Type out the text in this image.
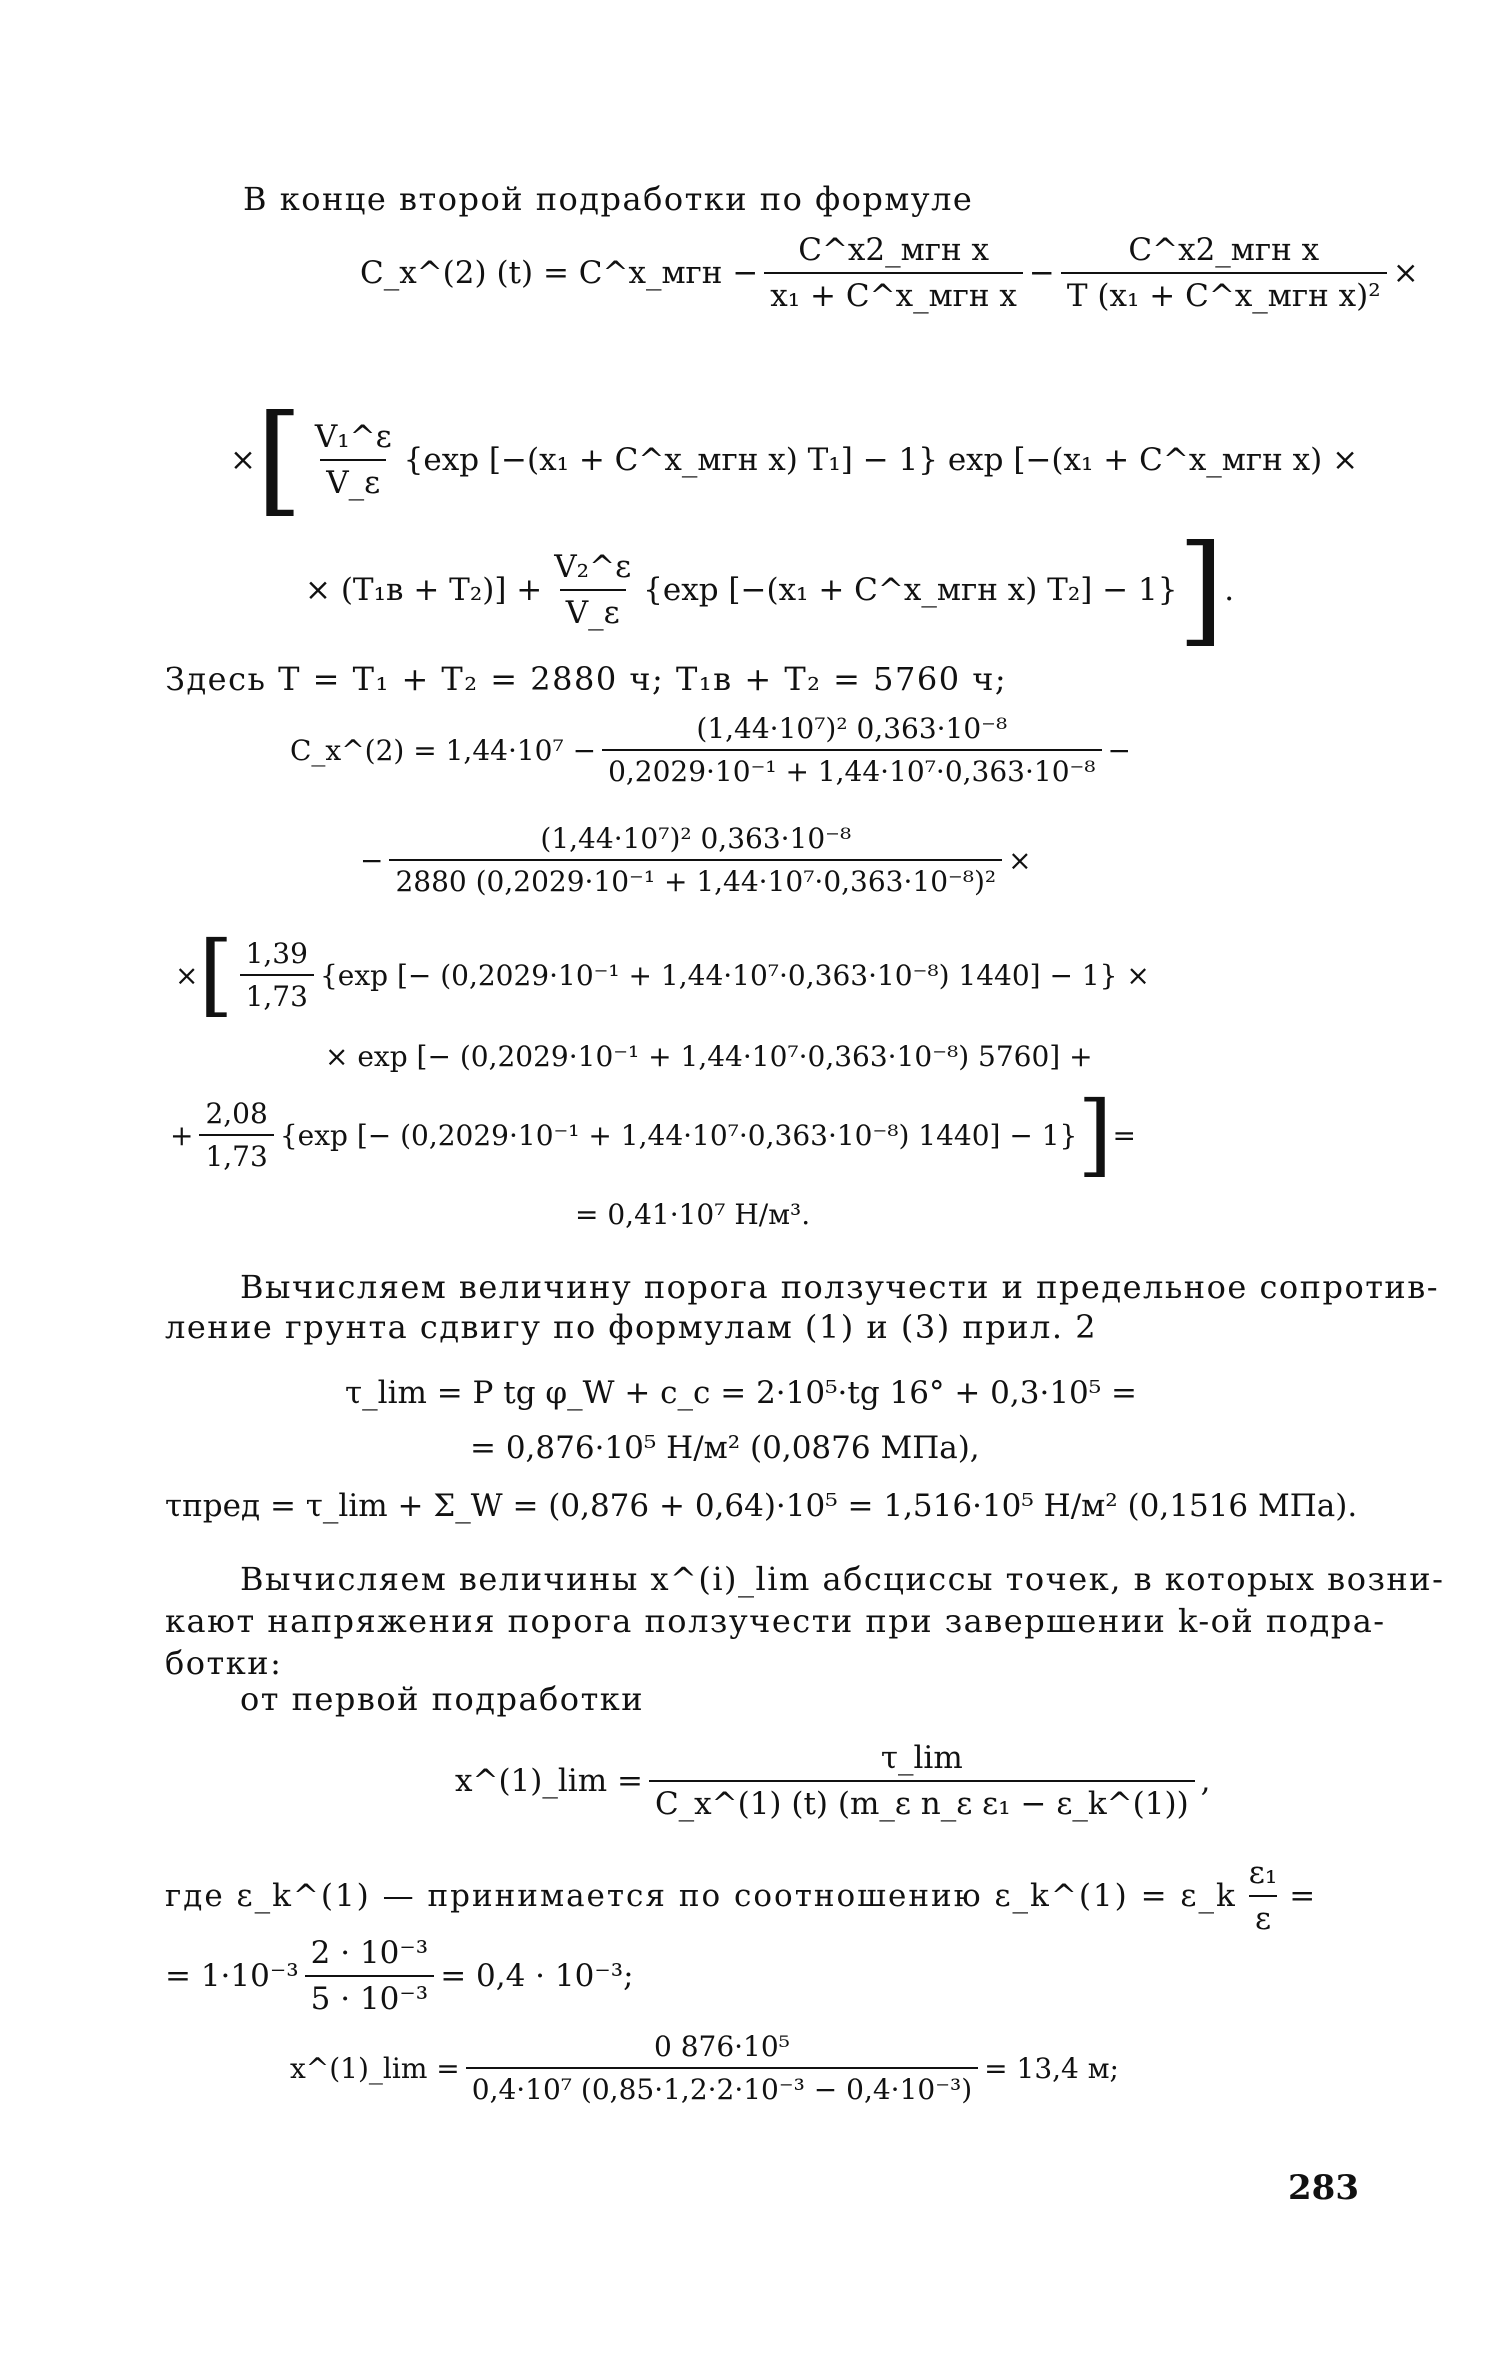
В конце второй подработки по формуле
C_x^(2) (t) = C^x_мгн − $\frac{\text{C\textasciicircum{}x2\_мгн x}}{\text{x₁ + C\textasciicircum{}x\_мгн x}} - \frac{\text{C\textasciicircum{}x2\_мгн x}}{\text{T (x₁ + C\textasciicircum{}x\_мгн x)²}}$ ×
× [ $\frac{\text{V₁\textasciicircum{}ε}}{V\_\varepsilon} \{\exp$ [−(x₁ + C^x_мгн x) T₁] − 1} exp [−(x₁ + C^x_мгн x) ×
× $(T_1в + T_2)] + \frac{\text{V₂\textasciicircum{}ε}}{V\_\varepsilon} \{\exp$ [−(x₁ + C^x_мгн x) T₂] − 1} ] .
Здесь T = T₁ + T₂ = 2880 ч; T₁в + T₂ = 5760 ч;
C_x^(2) = $1,44\cdot 10^7 - \frac{\text{(1,44·10⁷)² 0,363·10⁻⁸}}{\text{0,2029·10⁻¹ + 1,44·10⁷·0,363·10⁻⁸}}$ −
− $\frac{\text{(1,44·10⁷)² 0,363·10⁻⁸}}{\text{2880 (0,2029·10⁻¹ + 1,44·10⁷·0,363·10⁻⁸)²}}$ ×
× [ $\frac{1,39}{1,73} \{\exp$ [− (0,2029·10⁻¹ + 1,44·10⁷·0,363·10⁻⁸) 1440] − 1} ×
× exp [− (0,2029·10⁻¹ + 1,44·10⁷·0,363·10⁻⁸) 5760] +
+ $\frac{2,08}{1,73} \{\exp$ [− (0,2029·10⁻¹ + 1,44·10⁷·0,363·10⁻⁸) 1440] − 1} ] =
= 0,41·10⁷ Н/м³.
Вычисляем величину порога ползучести и предельное сопротив-
ление грунта сдвигу по формулам (1) и (3) прил. 2
τ_lim = P tg φ_W + c_c = 2·10⁵·tg 16° + 0,3·10⁵ =
= 0,876·10⁵ Н/м² (0,0876 МПа),
τпред = τ_lim + Σ_W = (0,876 + 0,64)·10⁵ = 1,516·10⁵ Н/м² (0,1516 МПа).
Вычисляем величины x^(i)_lim абсциссы точек, в которых возни-
кают напряжения порога ползучести при завершении k-ой подра-
ботки:
от первой подработки
x^(1)_lim = $\frac{\tau\_\lim}{\text{C\_x\textasciicircum{}(1) (t) (m\_ε n\_ε ε₁ − ε\_k\textasciicircum{}(1))}}$ ,
где ε_k^(1) — принимается по соотношению ε_k^(1) = ε_k $\frac{\text{ε₁}}{\varepsilon}$ =
= $1\cdot 10^{-3} \frac{\text{2 · 10⁻³}}{\text{5 · 10⁻³}} = 0,4 \cdot 10^{-3}$;
x^(1)_lim = $\frac{\text{0 876·10⁵}}{\text{0,4·10⁷ (0,85·1,2·2·10⁻³ − 0,4·10⁻³)}} = 13,4$ м;
283
